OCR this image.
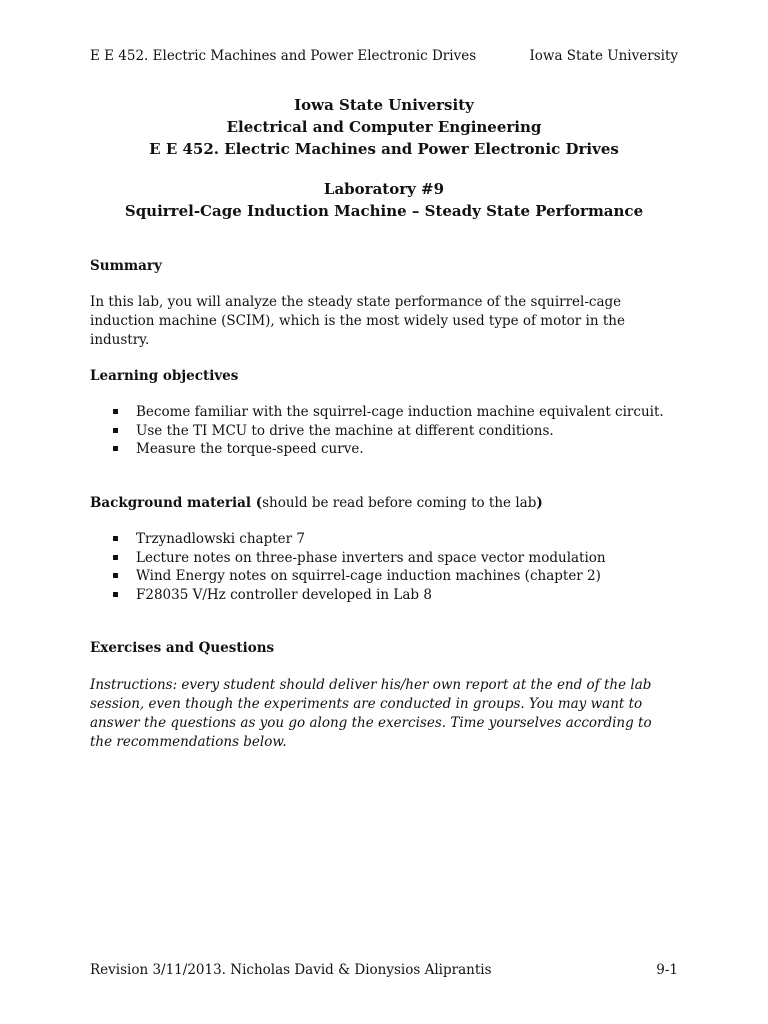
E E 452. Electric Machines and Power Electronic Drives	Iowa State University
Iowa State University
Electrical and Computer Engineering
E E 452. Electric Machines and Power Electronic Drives
Laboratory #9
Squirrel-Cage Induction Machine – Steady State Performance
Summary
In this lab, you will analyze the steady state performance of the squirrel-cage induction machine (SCIM), which is the most widely used type of motor in the industry.
Learning objectives
Become familiar with the squirrel-cage induction machine equivalent circuit.
Use the TI MCU to drive the machine at different conditions.
Measure the torque-speed curve.
Background material (should be read before coming to the lab)
Trzynadlowski chapter 7
Lecture notes on three-phase inverters and space vector modulation
Wind Energy notes on squirrel-cage induction machines (chapter 2)
F28035 V/Hz controller developed in Lab 8
Exercises and Questions
Instructions: every student should deliver his/her own report at the end of the lab session, even though the experiments are conducted in groups. You may want to answer the questions as you go along the exercises. Time yourselves according to the recommendations below.
Revision 3/11/2013. Nicholas David & Dionysios Aliprantis	9-1
